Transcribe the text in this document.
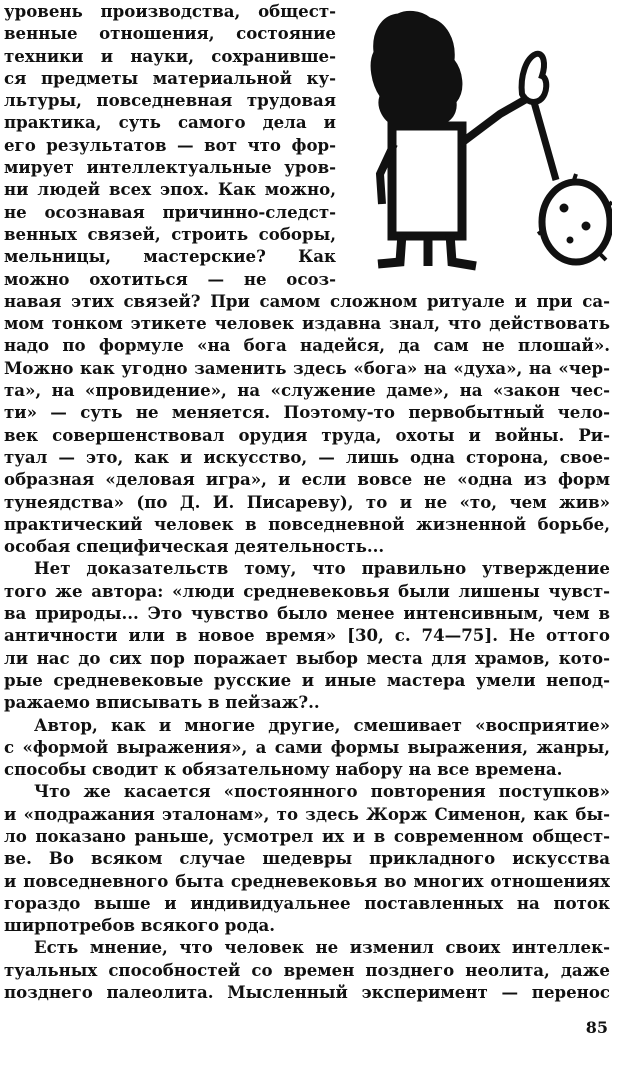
уровень производства, общест-
венные отношения, состояние
техники и науки, сохранивше-
ся предметы материальной ку-
льтуры, повседневная трудовая
практика, суть самого дела и
его результатов — вот что фор-
мирует интеллектуальные уров-
ни людей всех эпох. Как можно,
не осознавая причинно-следст-
венных связей, строить соборы,
мельницы, мастерские? Как
можно охотиться — не осоз-
навая этих связей? При самом сложном ритуале и при са-
мом тонком этикете человек издавна знал, что действовать
надо по формуле «на бога надейся, да сам не плошай».
Можно как угодно заменить здесь «бога» на «духа», на «чер-
та», на «провидение», на «служение даме», на «закон чес-
ти» — суть не меняется. Поэтому-то первобытный чело-
век совершенствовал орудия труда, охоты и войны. Ри-
туал — это, как и искусство, — лишь одна сторона, свое-
образная «деловая игра», и если вовсе не «одна из форм
тунеядства» (по Д. И. Писареву), то и не «то, чем жив»
практический человек в повседневной жизненной борьбе,
особая специфическая деятельность...
Нет доказательств тому, что правильно утверждение
того же автора: «люди средневековья были лишены чувст-
ва природы... Это чувство было менее интенсивным, чем в
античности или в новое время» [30, с. 74—75]. Не оттого
ли нас до сих пор поражает выбор места для храмов, кото-
рые средневековые русские и иные мастера умели непод-
ражаемо вписывать в пейзаж?..
Автор, как и многие другие, смешивает «восприятие»
с «формой выражения», а сами формы выражения, жанры,
способы сводит к обязательному набору на все времена.
Что же касается «постоянного повторения поступков»
и «подражания эталонам», то здесь Жорж Сименон, как бы-
ло показано раньше, усмотрел их и в современном общест-
ве. Во всяком случае шедевры прикладного искусства
и повседневного быта средневековья во многих отношениях
гораздо выше и индивидуальнее поставленных на поток
ширпотребов всякого рода.
Есть мнение, что человек не изменил своих интеллек-
туальных способностей со времен позднего неолита, даже
позднего палеолита. Мысленный эксперимент — перенос
85
